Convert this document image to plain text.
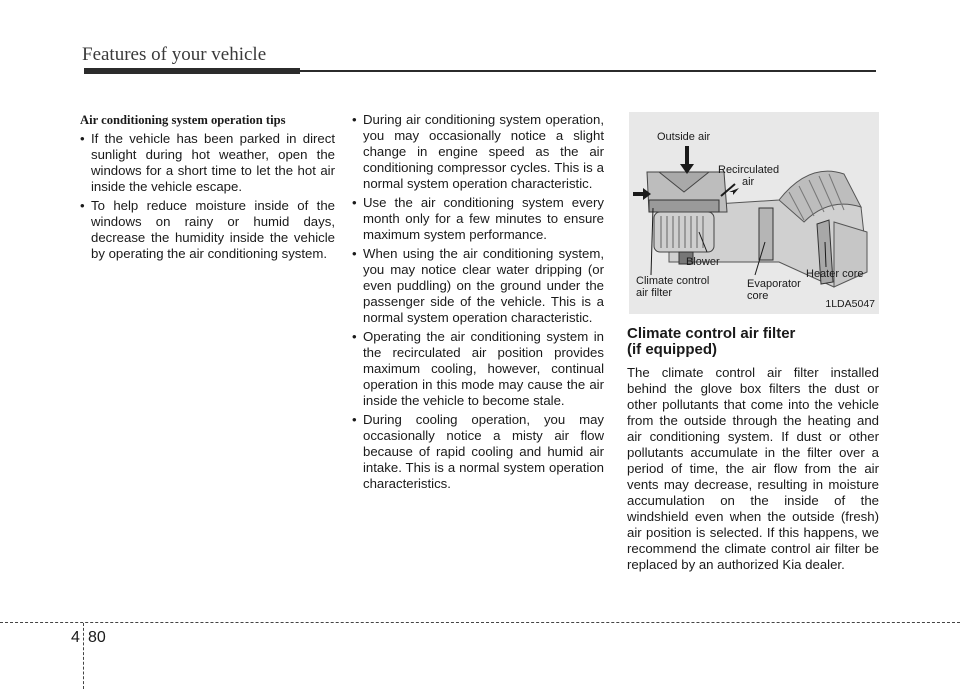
Features of your vehicle
Air conditioning system operation tips
• If the vehicle has been parked in direct sunlight during hot weather, open the windows for a short time to let the hot air inside the vehicle escape.
• To help reduce moisture inside of the windows on rainy or humid days, decrease the humidity inside the vehicle by operating the air conditioning system.
• During air conditioning system operation, you may occasionally notice a slight change in engine speed as the air conditioning compressor cycles. This is a normal system operation characteristic.
• Use the air conditioning system every month only for a few minutes to ensure maximum system performance.
• When using the air conditioning system, you may notice clear water dripping (or even puddling) on the ground under the passenger side of the vehicle. This is a normal system operation characteristic.
• Operating the air conditioning system in the recirculated air position provides maximum cooling, however, continual operation in this mode may cause the air inside the vehicle to become stale.
• During cooling operation, you may occasionally notice a misty air flow because of rapid cooling and humid air intake. This is a normal system operation characteristics.
Outside air
Recirculated
air
Blower
Climate control
air filter
Evaporator
core
Heater core
1LDA5047
Climate control air filter
(if equipped)

The climate control air filter installed behind the glove box filters the dust or other pollutants that come into the vehicle from the outside through the heating and air conditioning system. If dust or other pollutants accumulate in the filter over a period of time, the air flow from the air vents may decrease, resulting in moisture accumulation on the inside of the windshield even when the outside (fresh) air position is selected. If this happens, we recommend the climate control air filter be replaced by an authorized Kia dealer.

4 80
